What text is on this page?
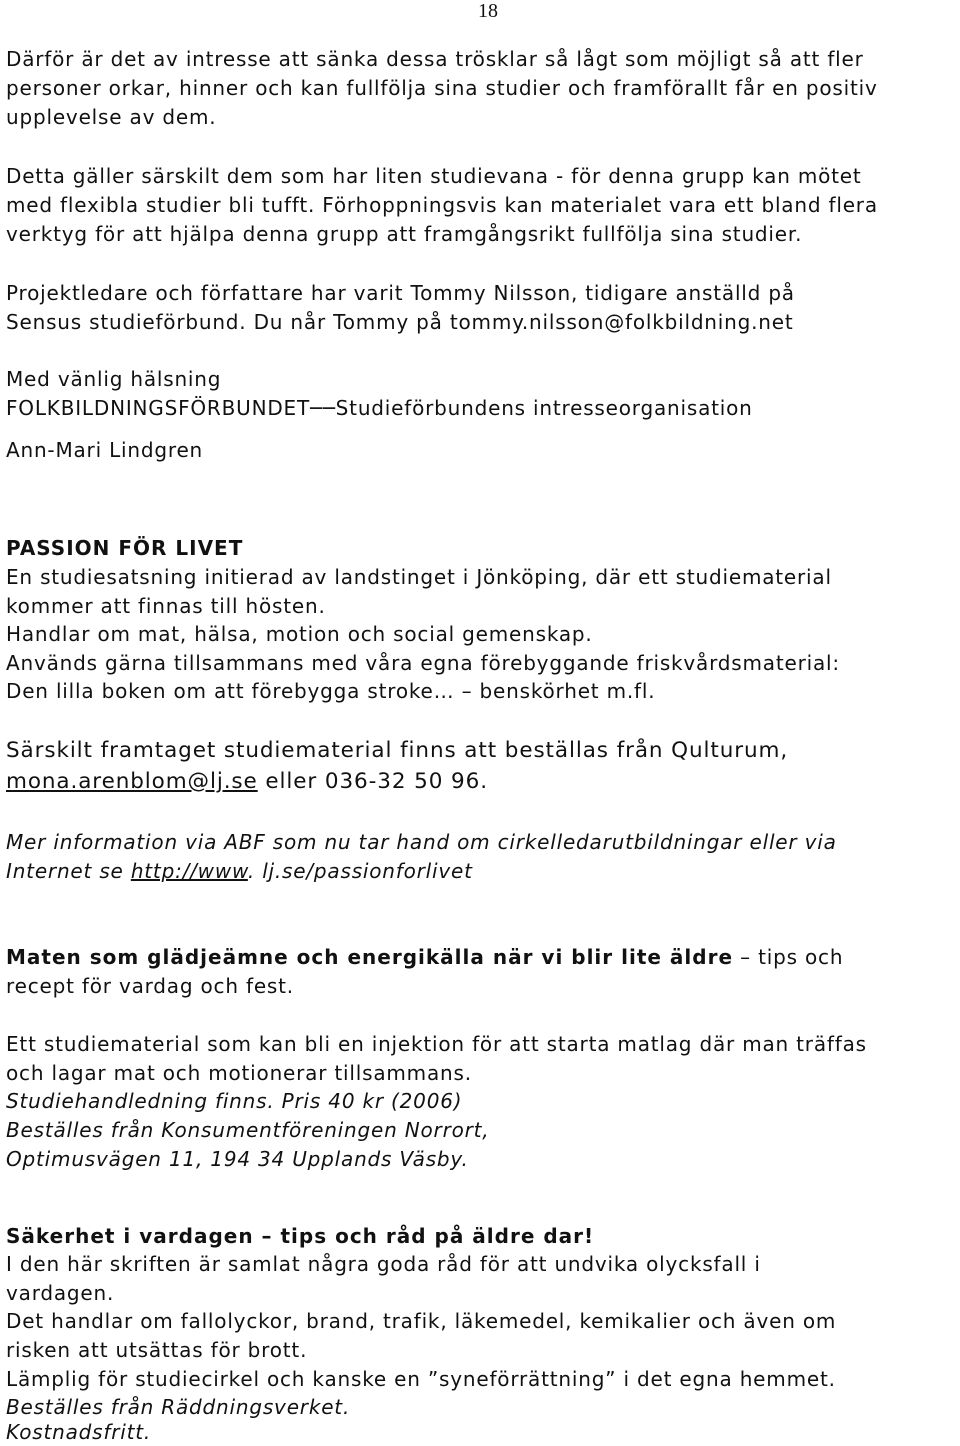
18
Därför är det av intresse att sänka dessa trösklar så lågt som möjligt så att fler
personer orkar, hinner och kan fullfölja sina studier och framförallt får en positiv
upplevelse av dem.
Detta gäller särskilt dem som har liten studievana - för denna grupp kan mötet
med flexibla studier bli tufft. Förhoppningsvis kan materialet vara ett bland flera
verktyg för att hjälpa denna grupp att framgångsrikt fullfölja sina studier.
Projektledare och författare har varit Tommy Nilsson, tidigare anställd på
Sensus studieförbund. Du når Tommy på tommy.nilsson@folkbildning.net
Med vänlig hälsning
FOLKBILDNINGSFÖRBUNDET──Studieförbundens intresseorganisation
Ann-Mari Lindgren
PASSION FÖR LIVET
En studiesatsning initierad av landstinget i Jönköping, där ett studiematerial
kommer att finnas till hösten.
Handlar om mat, hälsa, motion och social gemenskap.
Används gärna tillsammans med våra egna förebyggande friskvårdsmaterial:
Den lilla boken om att förebygga stroke… – benskörhet m.fl.
Särskilt framtaget studiematerial finns att beställas från Qulturum,
mona.arenblom@lj.se eller 036-32 50 96.
Mer information via ABF som nu tar hand om cirkelledarutbildningar eller via
Internet se http://www. lj.se/passionforlivet
Maten som glädjeämne och energikälla när vi blir lite äldre – tips och
recept för vardag och fest.
Ett studiematerial som kan bli en injektion för att starta matlag där man träffas
och lagar mat och motionerar tillsammans.
Studiehandledning finns. Pris 40 kr (2006)
Beställes från Konsumentföreningen Norrort,
Optimusvägen 11, 194 34 Upplands Väsby.
Säkerhet i vardagen – tips och råd på äldre dar!
I den här skriften är samlat några goda råd för att undvika olycksfall i
vardagen.
Det handlar om fallolyckor, brand, trafik, läkemedel, kemikalier och även om
risken att utsättas för brott.
Lämplig för studiecirkel och kanske en ”syneförrättning” i det egna hemmet.
Beställes från Räddningsverket.
Kostnadsfritt.
